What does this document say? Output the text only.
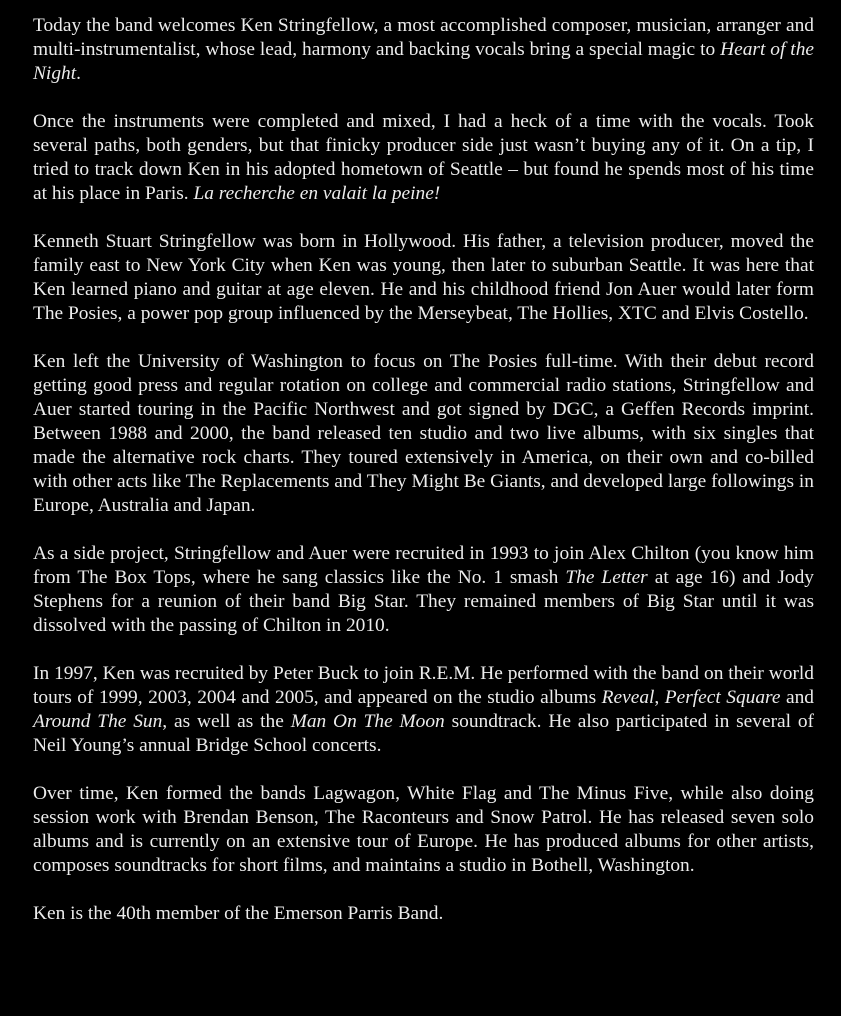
Today the band welcomes Ken Stringfellow, a most accomplished composer, musician, arranger and multi-instrumentalist, whose lead, harmony and backing vocals bring a special magic to Heart of the Night.

Once the instruments were completed and mixed, I had a heck of a time with the vocals. Took several paths, both genders, but that finicky producer side just wasn’t buying any of it. On a tip, I tried to track down Ken in his adopted hometown of Seattle – but found he spends most of his time at his place in Paris. La recherche en valait la peine!

Kenneth Stuart Stringfellow was born in Hollywood. His father, a television producer, moved the family east to New York City when Ken was young, then later to suburban Seattle. It was here that Ken learned piano and guitar at age eleven. He and his childhood friend Jon Auer would later form The Posies, a power pop group influenced by the Merseybeat, The Hollies, XTC and Elvis Costello.

Ken left the University of Washington to focus on The Posies full-time. With their debut record getting good press and regular rotation on college and commercial radio stations, Stringfellow and Auer started touring in the Pacific Northwest and got signed by DGC, a Geffen Records imprint. Between 1988 and 2000, the band released ten studio and two live albums, with six singles that made the alternative rock charts. They toured extensively in America, on their own and co-billed with other acts like The Replacements and They Might Be Giants, and developed large followings in Europe, Australia and Japan.

As a side project, Stringfellow and Auer were recruited in 1993 to join Alex Chilton (you know him from The Box Tops, where he sang classics like the No. 1 smash The Letter at age 16) and Jody Stephens for a reunion of their band Big Star. They remained members of Big Star until it was dissolved with the passing of Chilton in 2010.

In 1997, Ken was recruited by Peter Buck to join R.E.M. He performed with the band on their world tours of 1999, 2003, 2004 and 2005, and appeared on the studio albums Reveal, Perfect Square and Around The Sun, as well as the Man On The Moon soundtrack. He also participated in several of Neil Young’s annual Bridge School concerts.

Over time, Ken formed the bands Lagwagon, White Flag and The Minus Five, while also doing session work with Brendan Benson, The Raconteurs and Snow Patrol. He has released seven solo albums and is currently on an extensive tour of Europe. He has produced albums for other artists, composes soundtracks for short films, and maintains a studio in Bothell, Washington.

Ken is the 40th member of the Emerson Parris Band.
